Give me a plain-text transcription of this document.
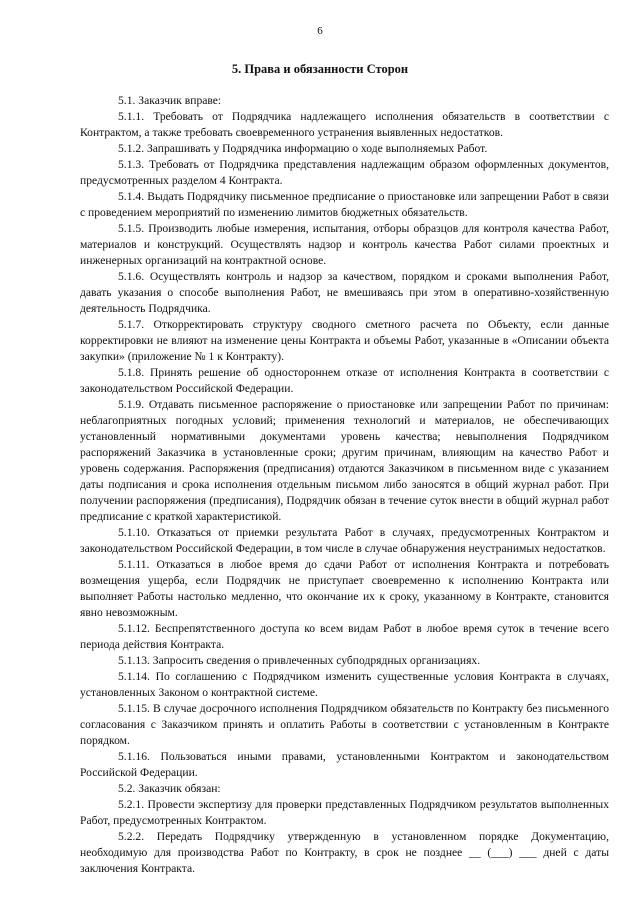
6
5. Права и обязанности Сторон

5.1. Заказчик вправе:

5.1.1. Требовать от Подрядчика надлежащего исполнения обязательств в соответствии с Контрактом, а также требовать своевременного устранения выявленных недостатков.

5.1.2. Запрашивать у Подрядчика информацию о ходе выполняемых Работ.

5.1.3. Требовать от Подрядчика представления надлежащим образом оформленных документов, предусмотренных разделом 4 Контракта.

5.1.4. Выдать Подрядчику письменное предписание о приостановке или запрещении Работ в связи с проведением мероприятий по изменению лимитов бюджетных обязательств.

5.1.5. Производить любые измерения, испытания, отборы образцов для контроля качества Работ, материалов и конструкций. Осуществлять надзор и контроль качества Работ силами проектных и инженерных организаций на контрактной основе.

5.1.6. Осуществлять контроль и надзор за качеством, порядком и сроками выполнения Работ, давать указания о способе выполнения Работ, не вмешиваясь при этом в оперативно-хозяйственную деятельность Подрядчика.

5.1.7. Откорректировать структуру сводного сметного расчета по Объекту, если данные корректировки не влияют на изменение цены Контракта и объемы Работ, указанные в «Описании объекта закупки» (приложение № 1 к Контракту).

5.1.8. Принять решение об одностороннем отказе от исполнения Контракта в соответствии с законодательством Российской Федерации.

5.1.9. Отдавать письменное распоряжение о приостановке или запрещении Работ по причинам: неблагоприятных погодных условий; применения технологий и материалов, не обеспечивающих установленный нормативными документами уровень качества; невыполнения Подрядчиком распоряжений Заказчика в установленные сроки; другим причинам, влияющим на качество Работ и уровень содержания. Распоряжения (предписания) отдаются Заказчиком в письменном виде с указанием даты подписания и срока исполнения отдельным письмом либо заносятся в общий журнал работ. При получении распоряжения (предписания), Подрядчик обязан в течение суток внести в общий журнал работ предписание с краткой характеристикой.

5.1.10. Отказаться от приемки результата Работ в случаях, предусмотренных Контрактом и законодательством Российской Федерации, в том числе в случае обнаружения неустранимых недостатков.

5.1.11. Отказаться в любое время до сдачи Работ от исполнения Контракта и потребовать возмещения ущерба, если Подрядчик не приступает своевременно к исполнению Контракта или выполняет Работы настолько медленно, что окончание их к сроку, указанному в Контракте, становится явно невозможным.

5.1.12. Беспрепятственного доступа ко всем видам Работ в любое время суток в течение всего периода действия Контракта.

5.1.13. Запросить сведения о привлеченных субподрядных организациях.

5.1.14. По соглашению с Подрядчиком изменить существенные условия Контракта в случаях, установленных Законом о контрактной системе.

5.1.15. В случае досрочного исполнения Подрядчиком обязательств по Контракту без письменного согласования с Заказчиком принять и оплатить Работы в соответствии с установленным в Контракте порядком.

5.1.16. Пользоваться иными правами, установленными Контрактом и законодательством Российской Федерации.

5.2. Заказчик обязан:

5.2.1. Провести экспертизу для проверки представленных Подрядчиком результатов выполненных Работ, предусмотренных Контрактом.

5.2.2. Передать Подрядчику утвержденную в установленном порядке Документацию, необходимую для производства Работ по Контракту, в срок не позднее __ (___) ___ дней с даты заключения Контракта.
